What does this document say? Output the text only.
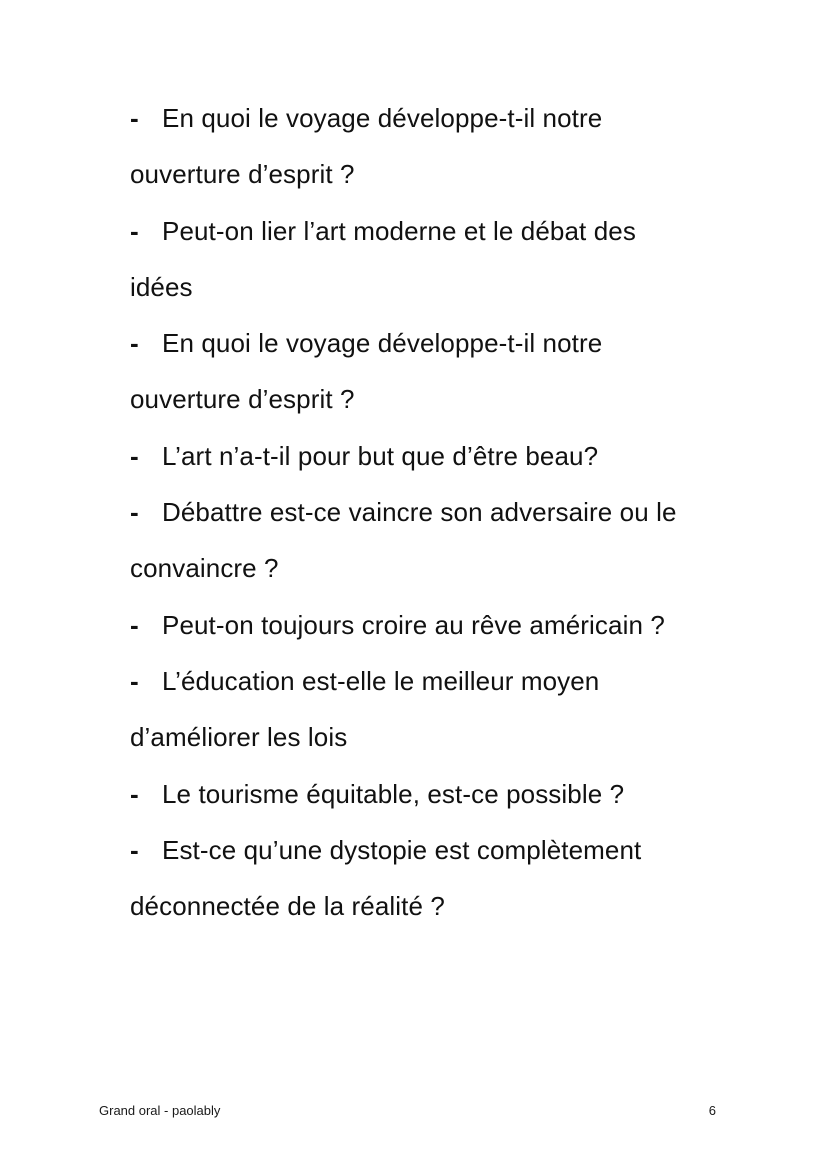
- En quoi le voyage développe-t-il notre
ouverture d’esprit ?
- Peut-on lier l’art moderne et le débat des
idées
- En quoi le voyage développe-t-il notre
ouverture d’esprit ?
- L’art n’a-t-il pour but que d’être beau?
- Débattre est-ce vaincre son adversaire ou le
convaincre ?
- Peut-on toujours croire au rêve américain ?
- L’éducation est-elle le meilleur moyen
d’améliorer les lois
- Le tourisme équitable, est-ce possible ?
- Est-ce qu’une dystopie est complètement
déconnectée de la réalité ?
Grand oral - paolably	6
